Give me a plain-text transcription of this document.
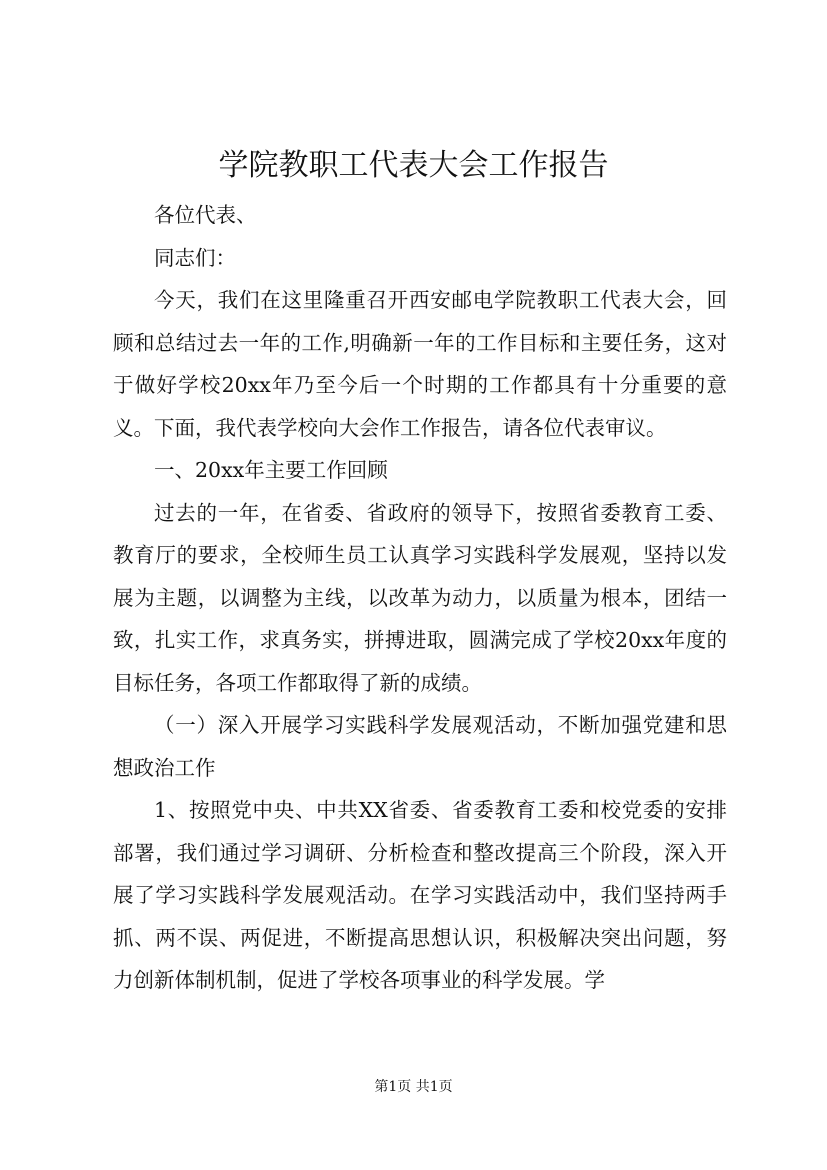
学院教职工代表大会工作报告

各位代表、

同志们：

今天，我们在这里隆重召开西安邮电学院教职工代表大会，回顾和总结过去一年的工作,明确新一年的工作目标和主要任务，这对于做好学校20xx年乃至今后一个时期的工作都具有十分重要的意义。下面，我代表学校向大会作工作报告，请各位代表审议。

一、20xx年主要工作回顾

过去的一年，在省委、省政府的领导下，按照省委教育工委、教育厅的要求，全校师生员工认真学习实践科学发展观，坚持以发展为主题，以调整为主线，以改革为动力，以质量为根本，团结一致，扎实工作，求真务实，拼搏进取，圆满完成了学校20xx年度的目标任务，各项工作都取得了新的成绩。

（一）深入开展学习实践科学发展观活动，不断加强党建和思想政治工作

1、按照党中央、中共XX省委、省委教育工委和校党委的安排部署，我们通过学习调研、分析检查和整改提高三个阶段，深入开展了学习实践科学发展观活动。在学习实践活动中，我们坚持两手抓、两不误、两促进，不断提高思想认识，积极解决突出问题，努力创新体制机制，促进了学校各项事业的科学发展。学

第1页 共1页
